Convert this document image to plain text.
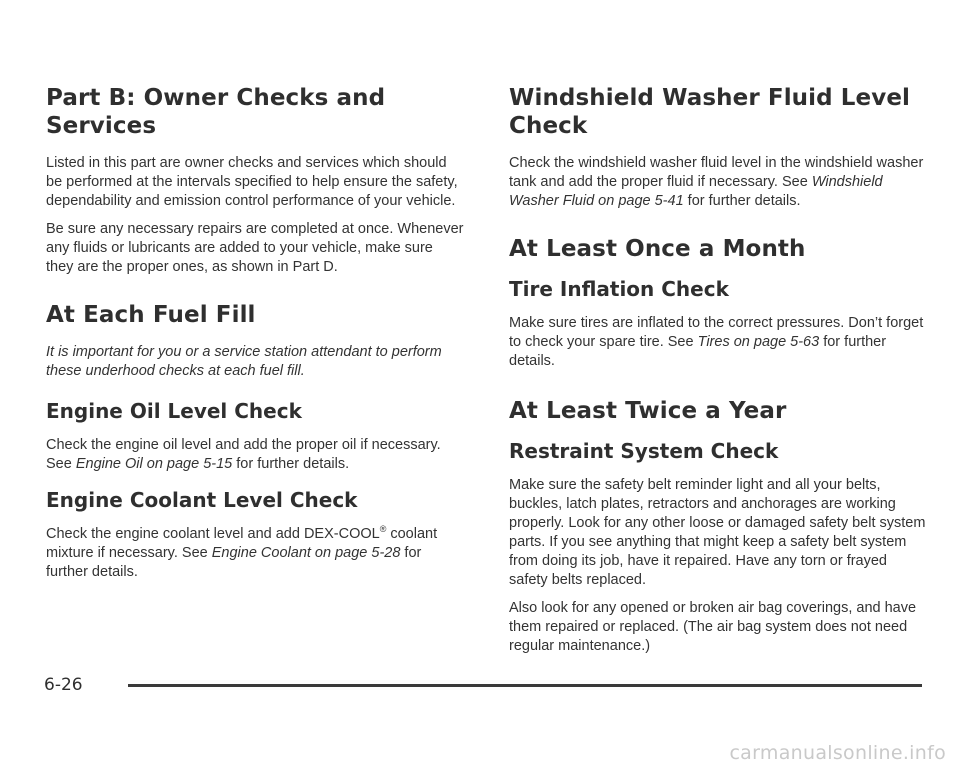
Part B: Owner Checks and Services

Listed in this part are owner checks and services which should be performed at the intervals specified to help ensure the safety, dependability and emission control performance of your vehicle.

Be sure any necessary repairs are completed at once. Whenever any fluids or lubricants are added to your vehicle, make sure they are the proper ones, as shown in Part D.

At Each Fuel Fill

It is important for you or a service station attendant to perform these underhood checks at each fuel fill.

Engine Oil Level Check

Check the engine oil level and add the proper oil if necessary. See Engine Oil on page 5-15 for further details.

Engine Coolant Level Check

Check the engine coolant level and add DEX-COOL® coolant mixture if necessary. See Engine Coolant on page 5-28 for further details.

Windshield Washer Fluid Level Check

Check the windshield washer fluid level in the windshield washer tank and add the proper fluid if necessary. See Windshield Washer Fluid on page 5-41 for further details.

At Least Once a Month
Tire Inflation Check

Make sure tires are inflated to the correct pressures. Don’t forget to check your spare tire. See Tires on page 5-63 for further details.

At Least Twice a Year
Restraint System Check

Make sure the safety belt reminder light and all your belts, buckles, latch plates, retractors and anchorages are working properly. Look for any other loose or damaged safety belt system parts. If you see anything that might keep a safety belt system from doing its job, have it repaired. Have any torn or frayed safety belts replaced.

Also look for any opened or broken air bag coverings, and have them repaired or replaced. (The air bag system does not need regular maintenance.)

6-26
carmanualsonline.info
